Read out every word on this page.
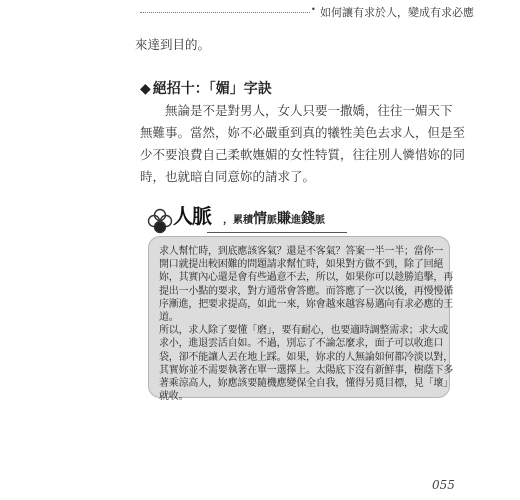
• 如何讓有求於人，變成有求必應
來達到目的。
◆ 絕招十：「媚」字訣
　　無論是不是對男人，女人只要一撒嬌，往往一媚天下
無難事。當然，妳不必嚴重到真的犧牲美色去求人，但是至
少不要浪費自己柔軟嫵媚的女性特質，往往別人憐惜妳的同
時，也就暗自同意妳的請求了。
人脈 ，累積情脈賺進錢脈
求人幫忙時，到底應該客氣？還是不客氣？答案一半一半；當你一
開口就提出較困難的問題請求幫忙時，如果對方做不到，除了回絕
妳，其實內心還是會有些過意不去，所以，如果你可以趁勝追擊，再
提出一小點的要求，對方通常會答應。而答應了一次以後，再慢慢循
序漸進，把要求提高，如此一來，妳會越來越容易邁向有求必應的王
道。
所以，求人除了要懂「磨」，要有耐心，也要適時調整需求；求大或
求小，進退雲活自如。不過，別忘了不論怎麼求，面子可以收進口
袋，卻不能讓人丟在地上踩。如果，妳求的人無論如何都冷淡以對，
其實妳並不需要執著在單一選擇上。太陽底下沒有新鮮事，樹蔭下多
著乘涼高人，妳應該要隨機應變保全自我，懂得另覓目標，見「壞」
就收。
055
